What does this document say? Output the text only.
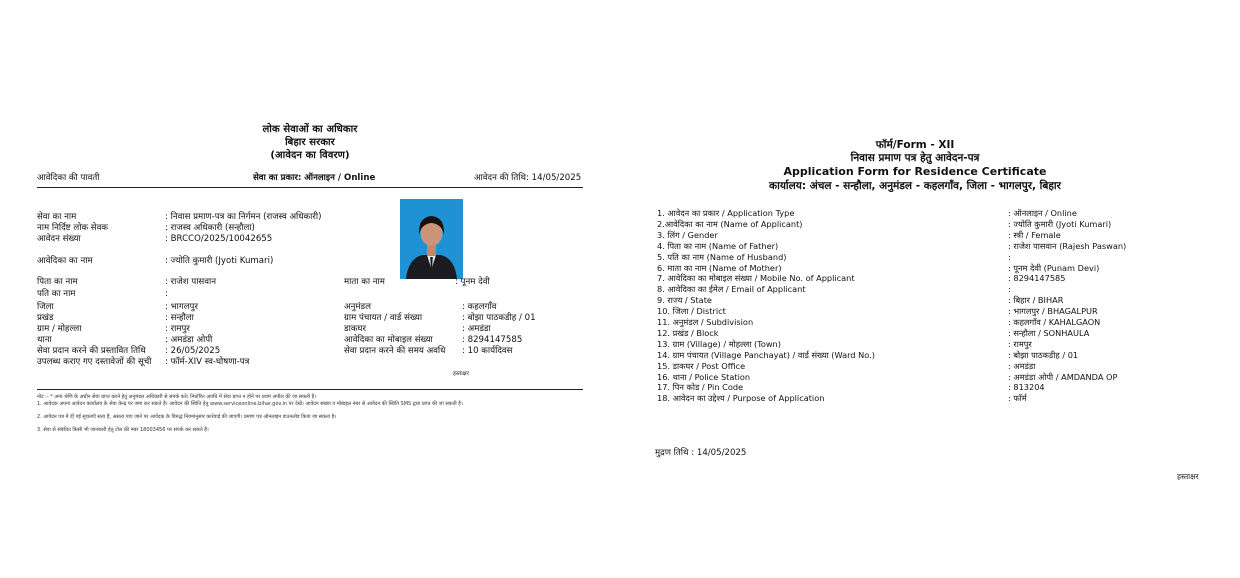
लोक सेवाओं का अधिकार
बिहार सरकार
(आवेदन का विवरण)
आवेदिका की पावती	सेवा का प्रकार: ऑनलाइन / Online	आवेदन की तिथि: 14/05/2025
सेवा का नाम	: निवास प्रमाण-पत्र का निर्गमन (राजस्व अधिकारी)
नाम निर्दिष्ट लोक सेवक	: राजस्व अधिकारी (सन्हौला)
आवेदन संख्या	: BRCCO/2025/10042655
आवेदिका का नाम	: ज्योति कुमारी (Jyoti Kumari)
पिता का नाम	: राजेश पासवान	माता का नाम	: पूनम देवी
पति का नाम	:
जिला	: भागलपुर	अनुमंडल	: कहलगाँव
प्रखंड	: सन्हौला	ग्राम पंचायत / वार्ड संख्या	: बोझा पाठकडीह / 01
ग्राम / मोहल्ला	: रामपुर	डाकघर	: अमडंडा
थाना	: अमडंडा ओपी	आवेदिका का मोबाइल संख्या	: 8294147585
सेवा प्रदान करने की प्रस्तावित तिथि : 26/05/2025	सेवा प्रदान करने की समय अवधि : 10 कार्यदिवस
उपलब्ध कराए गए दस्तावेजों की सूची : फॉर्म-XIV स्व-घोषणा-पत्र
हस्ताक्षर
नोट :- * अन्य श्रेणि के अधीन सेवा प्राप्त करने हेतु अनुमंडल अधिकारी से संपर्क करें। निर्धारित अवधि में सेवा प्राप्त न होने पर प्रथम अपील की जा सकती है।
1. आवेदक अपना आवेदन कार्यालय के सेवा केन्द्र पर जमा कर सकते हैं। आवेदन की स्थिति हेतु www.serviceonline.bihar.gov.in पर देखें। आवेदन संख्या व मोबाइल नंबर से आवेदन की स्थिति SMS द्वारा प्राप्त की जा सकती है।
2. आवेदन पत्र में दी गई सूचनाएँ सत्य हैं, असत्य पाए जाने पर आवेदक के विरुद्ध नियमानुसार कार्रवाई की जाएगी। प्रमाण पत्र ऑनलाइन डाउनलोड किया जा सकता है।
3. सेवा से संबंधित किसी भी जानकारी हेतु टोल फ्री नंबर 18003456 पर संपर्क कर सकते हैं।
फॉर्म/Form - XII
निवास प्रमाण पत्र हेतु आवेदन-पत्र
Application Form for Residence Certificate
कार्यालय: अंचल - सन्हौला, अनुमंडल - कहलगाँव, जिला - भागलपुर, बिहार
1. आवेदन का प्रकार / Application Type	: ऑनलाइन / Online
2.आवेदिका का नाम (Name of Applicant)	: ज्योति कुमारी (Jyoti Kumari)
3. लिंग / Gender	: स्त्री / Female
4. पिता का नाम (Name of Father)	: राजेश पासवान (Rajesh Paswan)
5. पति का नाम (Name of Husband)	:
6. माता का नाम (Name of Mother)	: पूनम देवी (Punam Devi)
7. आवेदिका का मोबाइल संख्या / Mobile No. of Applicant	: 8294147585
8. आवेदिका का ईमेल / Email of Applicant	:
9. राज्य / State	: बिहार / BIHAR
10. जिला / District	: भागलपुर / BHAGALPUR
11. अनुमंडल / Subdivision	: कहलगाँव / KAHALGAON
12. प्रखंड / Block	: सन्हौला / SONHAULA
13. ग्राम (Village) / मोहल्ला (Town)	: रामपुर
14. ग्राम पंचायत (Village Panchayat) / वार्ड संख्या (Ward No.)	: बोझा पाठकडीह / 01
15. डाकघर / Post Office	: अमडंडा
16. थाना / Police Station	: अमडंडा ओपी / AMDANDA OP
17. पिन कोड / Pin Code	: 813204
18. आवेदन का उद्देश्य / Purpose of Application	: फॉर्म
मुद्रण तिथि : 14/05/2025
हस्ताक्षर
